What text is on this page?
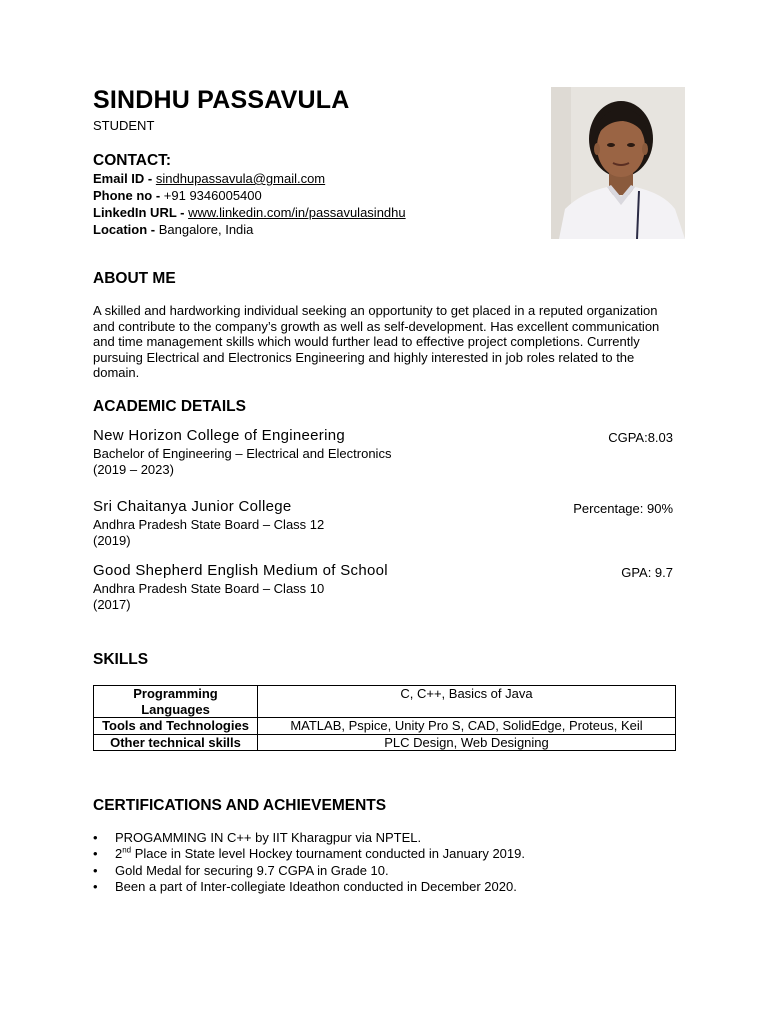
SINDHU PASSAVULA
STUDENT
CONTACT:
Email ID - sindhupassavula@gmail.com
Phone no - +91 9346005400
LinkedIn URL - www.linkedin.com/in/passavulasindhu
Location - Bangalore, India
ABOUT ME
A skilled and hardworking individual seeking an opportunity to get placed in a reputed organization and contribute to the company’s growth as well as self-development. Has excellent communication and time management skills which would further lead to effective project completions. Currently pursuing Electrical and Electronics Engineering and highly interested in job roles related to the domain.
ACADEMIC DETAILS
New Horizon College of Engineering	CGPA:8.03
Bachelor of Engineering – Electrical and Electronics
(2019 – 2023)
Sri Chaitanya Junior College	Percentage: 90%
Andhra Pradesh State Board – Class 12
(2019)
Good Shepherd English Medium of School	GPA: 9.7
Andhra Pradesh State Board – Class 10
(2017)
SKILLS
Programming Languages	C, C++, Basics of Java
Tools and Technologies	MATLAB, Pspice, Unity Pro S, CAD, SolidEdge, Proteus, Keil
Other technical skills	PLC Design, Web Designing
CERTIFICATIONS AND ACHIEVEMENTS
• PROGAMMING IN C++ by IIT Kharagpur via NPTEL.
• 2nd Place in State level Hockey tournament conducted in January 2019.
• Gold Medal for securing 9.7 CGPA in Grade 10.
• Been a part of Inter-collegiate Ideathon conducted in December 2020.
